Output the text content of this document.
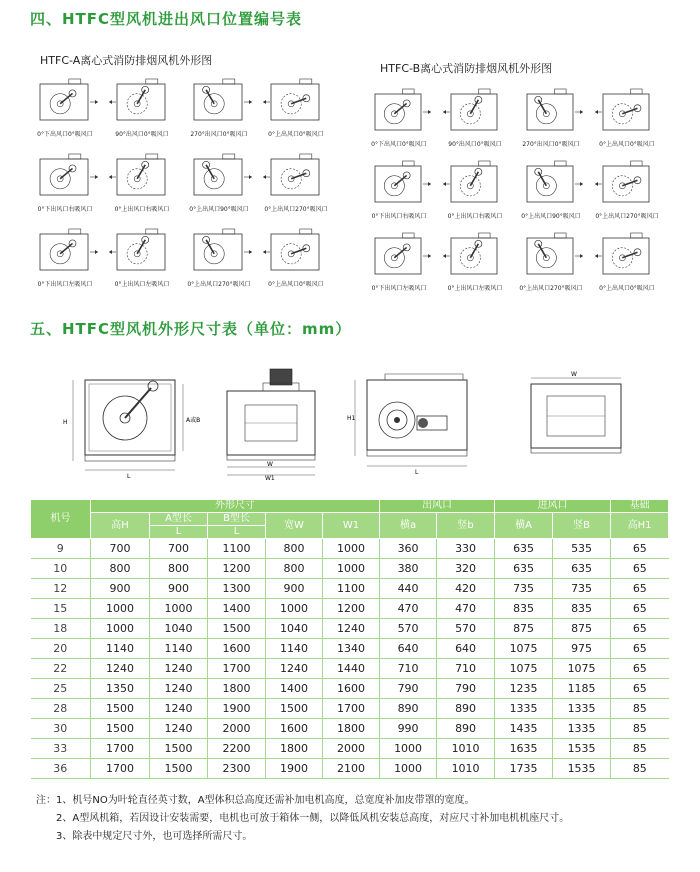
四、HTFC型风机进出风口位置编号表
HTFC-A离心式消防排烟风机外形图
HTFC-B离心式消防排烟风机外形图
0°下出风口0°吸风口	90°出风口0°吸风口	270°出风口0°吸风口	0°上出风口0°吸风口
0°下出风口右吸风口	0°上出风口右吸风口	0°上出风口90°吸风口	0°上出风口270°吸风口
0°下出风口左吸风口	0°上出风口左吸风口	0°上出风口270°吸风口	0°上出风口0°吸风口
0°下出风口0°吸风口	90°出风口0°吸风口	270°出风口0°吸风口	0°上出风口0°吸风口
0°下出风口右吸风口	0°上出风口右吸风口	0°上出风口90°吸风口	0°上出风口270°吸风口
0°下出风口左吸风口	0°上出风口左吸风口	0°上出风口270°吸风口	0°上出风口0°吸风口
五、HTFC型风机外形尺寸表（单位：mm）
H	A或B
L
W
W1
H1
L
W
机号	外形尺寸					出风口		进风口		基础
	高H	A型长	B型长	宽W	W1	横a	竖b	横A	竖B	高H1
		L	L							
9	700	700	1100	800	1000	360	330	635	535	65
10	800	800	1200	800	1000	380	320	635	635	65
12	900	900	1300	900	1100	440	420	735	735	65
15	1000	1000	1400	1000	1200	470	470	835	835	65
18	1000	1040	1500	1040	1240	570	570	875	875	65
20	1140	1140	1600	1140	1340	640	640	1075	975	65
22	1240	1240	1700	1240	1440	710	710	1075	1075	65
25	1350	1240	1800	1400	1600	790	790	1235	1185	65
28	1500	1240	1900	1500	1700	890	890	1335	1335	85
30	1500	1240	2000	1600	1800	990	890	1435	1335	85
33	1700	1500	2200	1800	2000	1000	1010	1635	1535	85
36	1700	1500	2300	1900	2100	1000	1010	1735	1535	85
注：1、机号NO为叶轮直径英寸数，A型体积总高度还需补加电机高度，总宽度补加皮带罩的宽度。
2、A型风机箱，若因设计安装需要，电机也可放于箱体一侧，以降低风机安装总高度，对应尺寸补加电机机座尺寸。
3、除表中规定尺寸外，也可选择所需尺寸。
